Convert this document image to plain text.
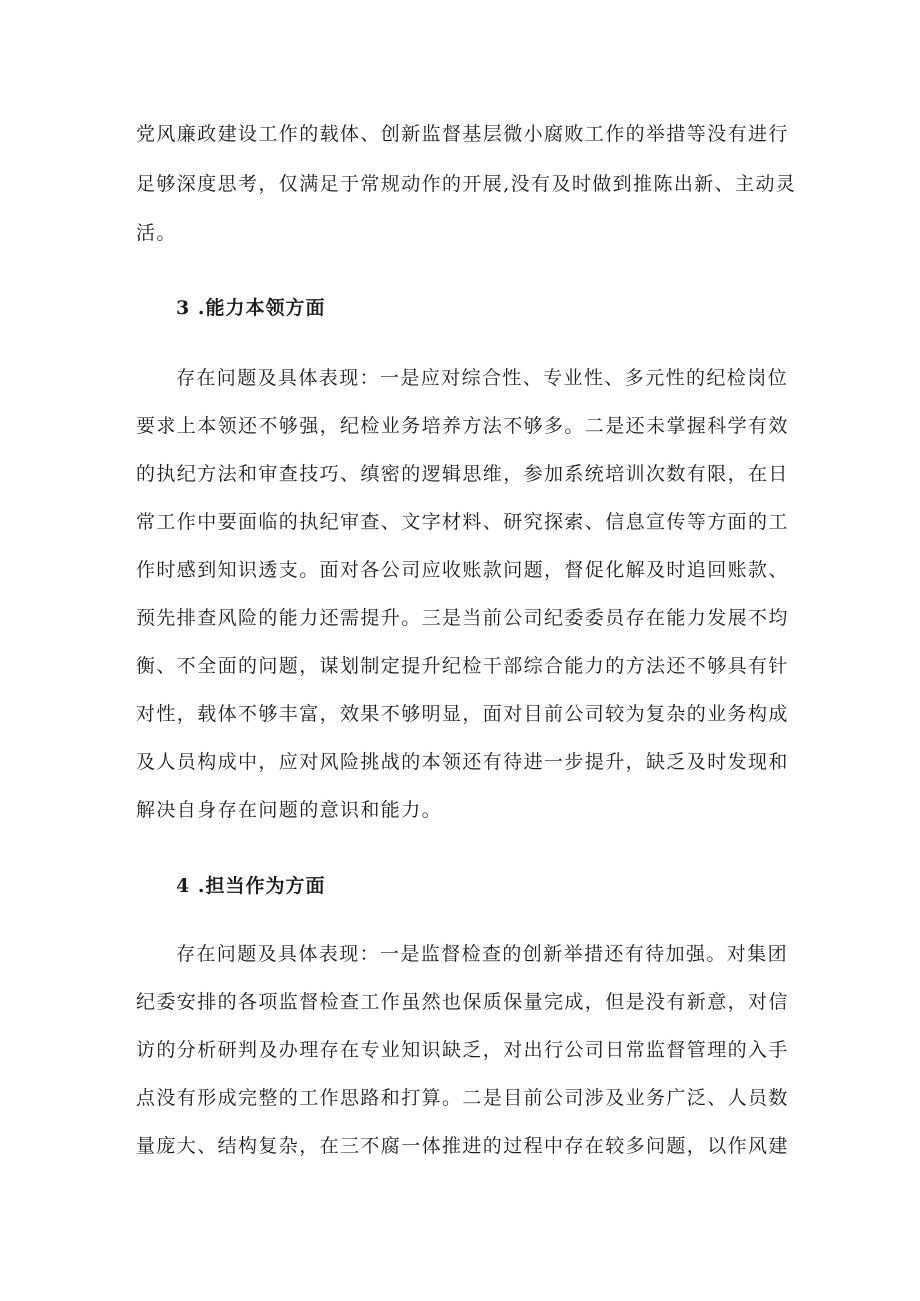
党风廉政建设工作的载体、创新监督基层微小腐败工作的举措等没有进行
足够深度思考，仅满足于常规动作的开展,没有及时做到推陈出新、主动灵
活。
3 .能力本领方面
存在问题及具体表现：一是应对综合性、专业性、多元性的纪检岗位
要求上本领还不够强，纪检业务培养方法不够多。二是还未掌握科学有效
的执纪方法和审查技巧、缜密的逻辑思维，参加系统培训次数有限，在日
常工作中要面临的执纪审查、文字材料、研究探索、信息宣传等方面的工
作时感到知识透支。面对各公司应收账款问题，督促化解及时追回账款、
预先排查风险的能力还需提升。三是当前公司纪委委员存在能力发展不均
衡、不全面的问题，谋划制定提升纪检干部综合能力的方法还不够具有针
对性，载体不够丰富，效果不够明显，面对目前公司较为复杂的业务构成
及人员构成中，应对风险挑战的本领还有待进一步提升，缺乏及时发现和
解决自身存在问题的意识和能力。
4 .担当作为方面
存在问题及具体表现：一是监督检查的创新举措还有待加强。对集团
纪委安排的各项监督检查工作虽然也保质保量完成，但是没有新意，对信
访的分析研判及办理存在专业知识缺乏，对出行公司日常监督管理的入手
点没有形成完整的工作思路和打算。二是目前公司涉及业务广泛、人员数
量庞大、结构复杂，在三不腐一体推进的过程中存在较多问题，以作风建
